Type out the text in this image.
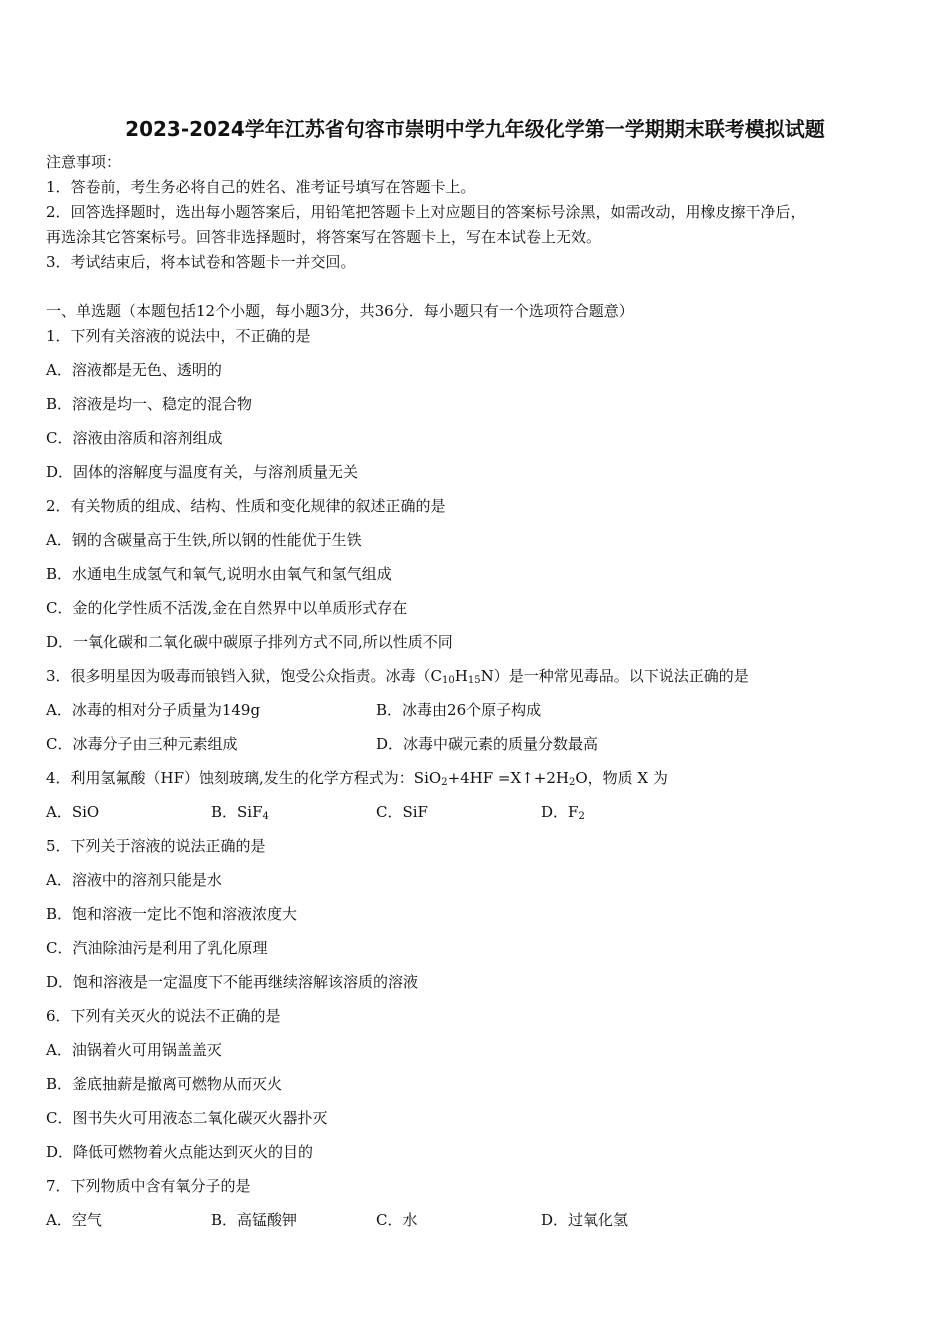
2023-2024学年江苏省句容市崇明中学九年级化学第一学期期末联考模拟试题
注意事项：
1．答卷前，考生务必将自己的姓名、准考证号填写在答题卡上。
2．回答选择题时，选出每小题答案后，用铅笔把答题卡上对应题目的答案标号涂黑，如需改动，用橡皮擦干净后，
再选涂其它答案标号。回答非选择题时，将答案写在答题卡上，写在本试卷上无效。
3．考试结束后，将本试卷和答题卡一并交回。
一、单选题（本题包括12个小题，每小题3分，共36分．每小题只有一个选项符合题意）
1．下列有关溶液的说法中，不正确的是
A．溶液都是无色、透明的
B．溶液是均一、稳定的混合物
C．溶液由溶质和溶剂组成
D．固体的溶解度与温度有关，与溶剂质量无关
2．有关物质的组成、结构、性质和变化规律的叙述正确的是
A．钢的含碳量高于生铁,所以钢的性能优于生铁
B．水通电生成氢气和氧气,说明水由氧气和氢气组成
C．金的化学性质不活泼,金在自然界中以单质形式存在
D．一氧化碳和二氧化碳中碳原子排列方式不同,所以性质不同
3．很多明星因为吸毒而锒铛入狱，饱受公众指责。冰毒$(C_{10}H_{15}N)$是一种常见毒品。以下说法正确的是
A．冰毒的相对分子质量为149g	B．冰毒由26个原子构成
C．冰毒分子由三种元素组成	D．冰毒中碳元素的质量分数最高
4．利用氢氟酸（HF）蚀刻玻璃,发生的化学方程式为：$SiO_2+4HF =X↑+2H_2O$，物质 X 为
A．SiO	B．SiF$_4$	C．SiF	D．$F_2$
5．下列关于溶液的说法正确的是
A．溶液中的溶剂只能是水
B．饱和溶液一定比不饱和溶液浓度大
C．汽油除油污是利用了乳化原理
D．饱和溶液是一定温度下不能再继续溶解该溶质的溶液
6．下列有关灭火的说法不正确的是
A．油锅着火可用锅盖盖灭
B．釜底抽薪是撤离可燃物从而灭火
C．图书失火可用液态二氧化碳灭火器扑灭
D．降低可燃物着火点能达到灭火的目的
7．下列物质中含有氧分子的是
A．空气	B．高锰酸钾	C．水	D．过氧化氢
